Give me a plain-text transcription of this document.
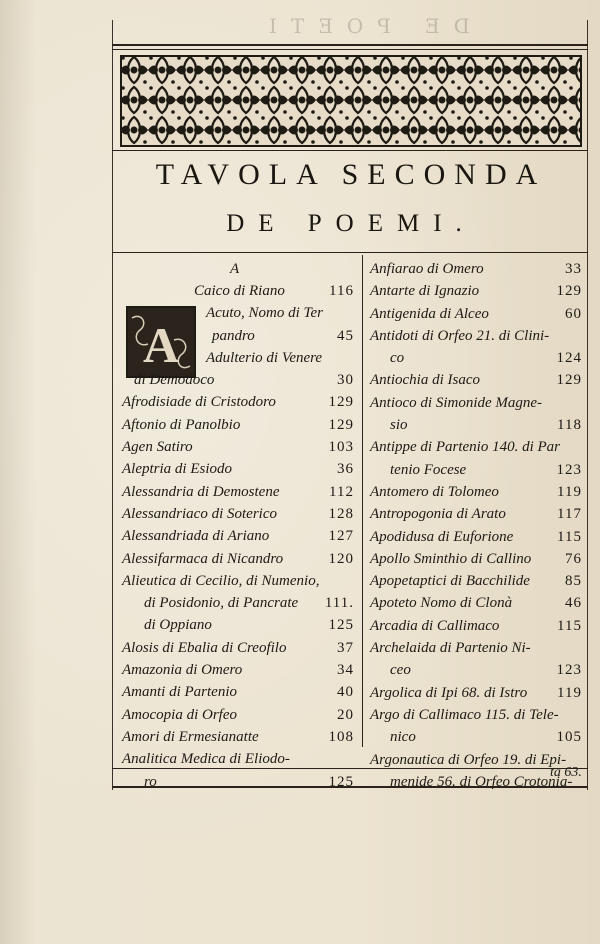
DE POETI
TAVOLA SECONDA
DE POEMI.
A
A
Caico di Riano	116
Acuto, Nomo di Ter
pandro	45
Adulterio di Venere
di Demodoco	30
Afrodisiade di Cristodoro	129
Aftonio di Panolbio	129
Agen Satiro	103
Aleptria di Esiodo	36
Alessandria di Demostene	112
Alessandriaco di Soterico	128
Alessandriada di Ariano	127
Alessifarmaca di Nicandro	120
Alieutica di Cecilio, di Numenio,
di Posidonio, di Pancrate 111.
di Oppiano	125
Alosis di Ebalia di Creofilo	37
Amazonia di Omero	34
Amanti di Partenio	40
Amocopia di Orfeo	20
Amori di Ermesianatte	108
Analitica Medica di Eliodo-
ro	125
Anfiarao di Omero	33
Antarte di Ignazio	129
Antigenida di Alceo	60
Antidoti di Orfeo 21. di Clini-
co	124
Antiochia di Isaco	129
Antioco di Simonide Magne-
sio	118
Antippe di Partenio 140. di Par
tenio Focese	123
Antomero di Tolomeo	119
Antropogonia di Arato	117
Apodidusa di Euforione	115
Apollo Sminthio di Callino 76
Apopetaptici di Bacchilide 85
Apoteto Nomo di Clonà	46
Arcadia di Callimaco	115
Archelaida di Partenio Ni-
ceo	123
Argolica di Ipi 68. di Istro 119
Argo di Callimaco 115. di Tele-
nico	105
Argonautica di Orfeo 19. di Epi-
menide 56. di Orfeo Crotonia-
ta 63.
